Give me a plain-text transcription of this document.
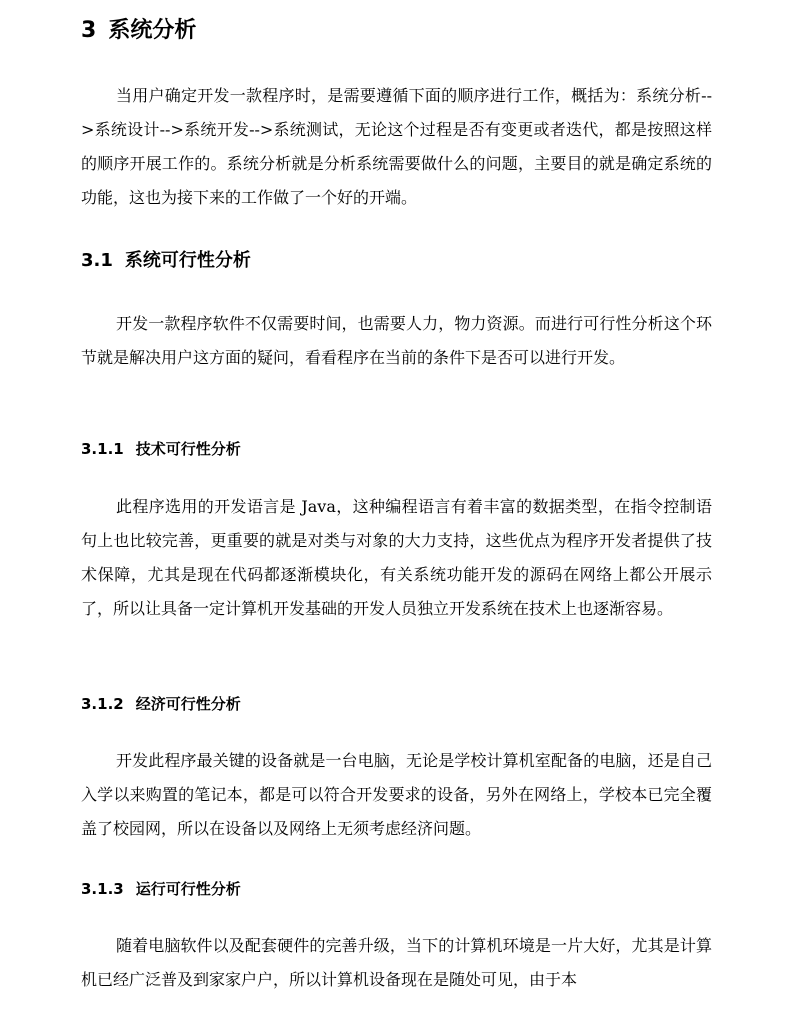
3 系统分析

当用户确定开发一款程序时，是需要遵循下面的顺序进行工作，概括为：系统分析-->系统设计-->系统开发-->系统测试，无论这个过程是否有变更或者迭代，都是按照这样的顺序开展工作的。系统分析就是分析系统需要做什么的问题，主要目的就是确定系统的功能，这也为接下来的工作做了一个好的开端。

3.1 系统可行性分析

开发一款程序软件不仅需要时间，也需要人力，物力资源。而进行可行性分析这个环节就是解决用户这方面的疑问，看看程序在当前的条件下是否可以进行开发。

3.1.1 技术可行性分析

此程序选用的开发语言是 Java，这种编程语言有着丰富的数据类型，在指令控制语句上也比较完善，更重要的就是对类与对象的大力支持，这些优点为程序开发者提供了技术保障，尤其是现在代码都逐渐模块化，有关系统功能开发的源码在网络上都公开展示了，所以让具备一定计算机开发基础的开发人员独立开发系统在技术上也逐渐容易。

3.1.2 经济可行性分析

开发此程序最关键的设备就是一台电脑，无论是学校计算机室配备的电脑，还是自己入学以来购置的笔记本，都是可以符合开发要求的设备，另外在网络上，学校本已完全覆盖了校园网，所以在设备以及网络上无须考虑经济问题。

3.1.3 运行可行性分析

随着电脑软件以及配套硬件的完善升级，当下的计算机环境是一片大好，尤其是计算机已经广泛普及到家家户户，所以计算机设备现在是随处可见，由于本
